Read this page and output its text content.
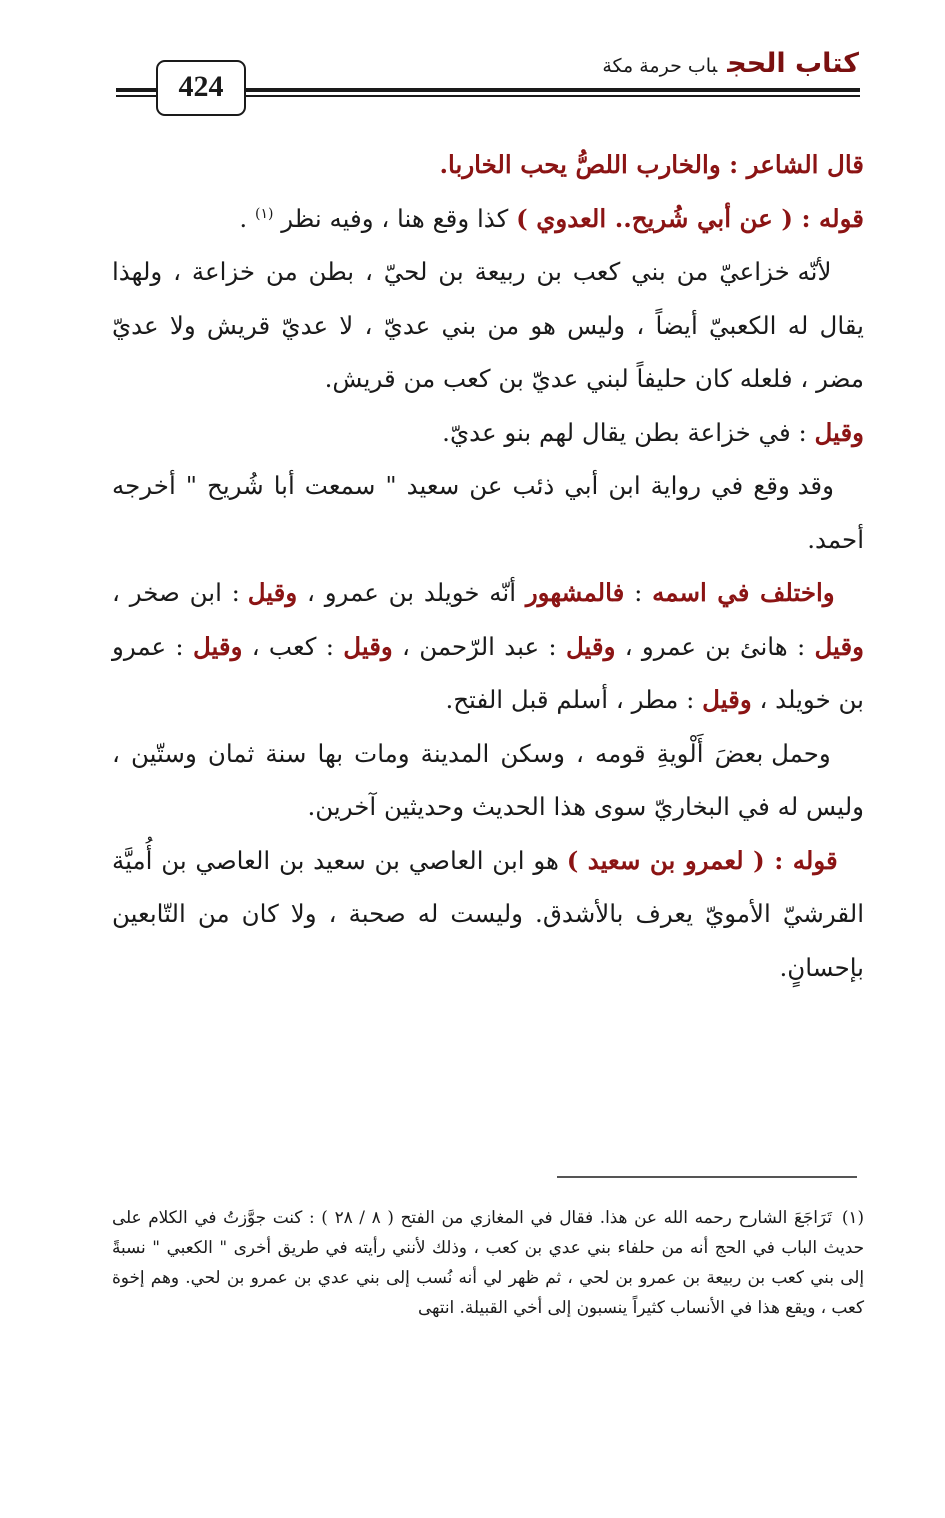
424
كتاب الحجباب حرمة مكة

قال الشاعر : والخارب اللصُّ يحب الخاربا.

قوله : ( عن أبي شُريح.. العدوي ) كذا وقع هنا ، وفيه نظر $^{(١)}$ .

لأنّه خزاعيّ من بني كعب بن ربيعة بن لحيّ ، بطن من خزاعة ، ولهذا يقال له الكعبيّ أيضاً ، وليس هو من بني عديّ ، لا عديّ قريش ولا عديّ مضر ، فلعله كان حليفاً لبني عديّ بن كعب من قريش.

وقيل : في خزاعة بطن يقال لهم بنو عديّ.

وقد وقع في رواية ابن أبي ذئب عن سعيد " سمعت أبا شُريح " أخرجه أحمد.

واختلف في اسمه : فالمشهور أنّه خويلد بن عمرو ، وقيل : ابن صخر ، وقيل : هانئ بن عمرو ، وقيل : عبد الرّحمن ، وقيل : كعب ، وقيل : عمرو بن خويلد ، وقيل : مطر ، أسلم قبل الفتح.

وحمل بعضَ أَلْويةِ قومه ، وسكن المدينة ومات بها سنة ثمان وستّين ، وليس له في البخاريّ سوى هذا الحديث وحديثين آخرين.

قوله : ( لعمرو بن سعيد ) هو ابن العاصي بن سعيد بن العاصي بن أُميَّة القرشيّ الأمويّ يعرف بالأشدق. وليست له صحبة ، ولا كان من التّابعين بإحسانٍ.

(١)تَرَاجَعَ الشارح رحمه الله عن هذا. فقال في المغازي من الفتح ( ٨ / ٢٨ ) : كنت جوَّزتُ في الكلام على حديث الباب في الحج أنه من حلفاء بني عدي بن كعب ، وذلك لأنني رأيته في طريق أخرى " الكعبي " نسبةً إلى بني كعب بن ربيعة بن عمرو بن لحي ، ثم ظهر لي أنه نُسب إلى بني عدي بن عمرو بن لحي. وهم إخوة كعب ، ويقع هذا في الأنساب كثيراً ينسبون إلى أخي القبيلة. انتهى
